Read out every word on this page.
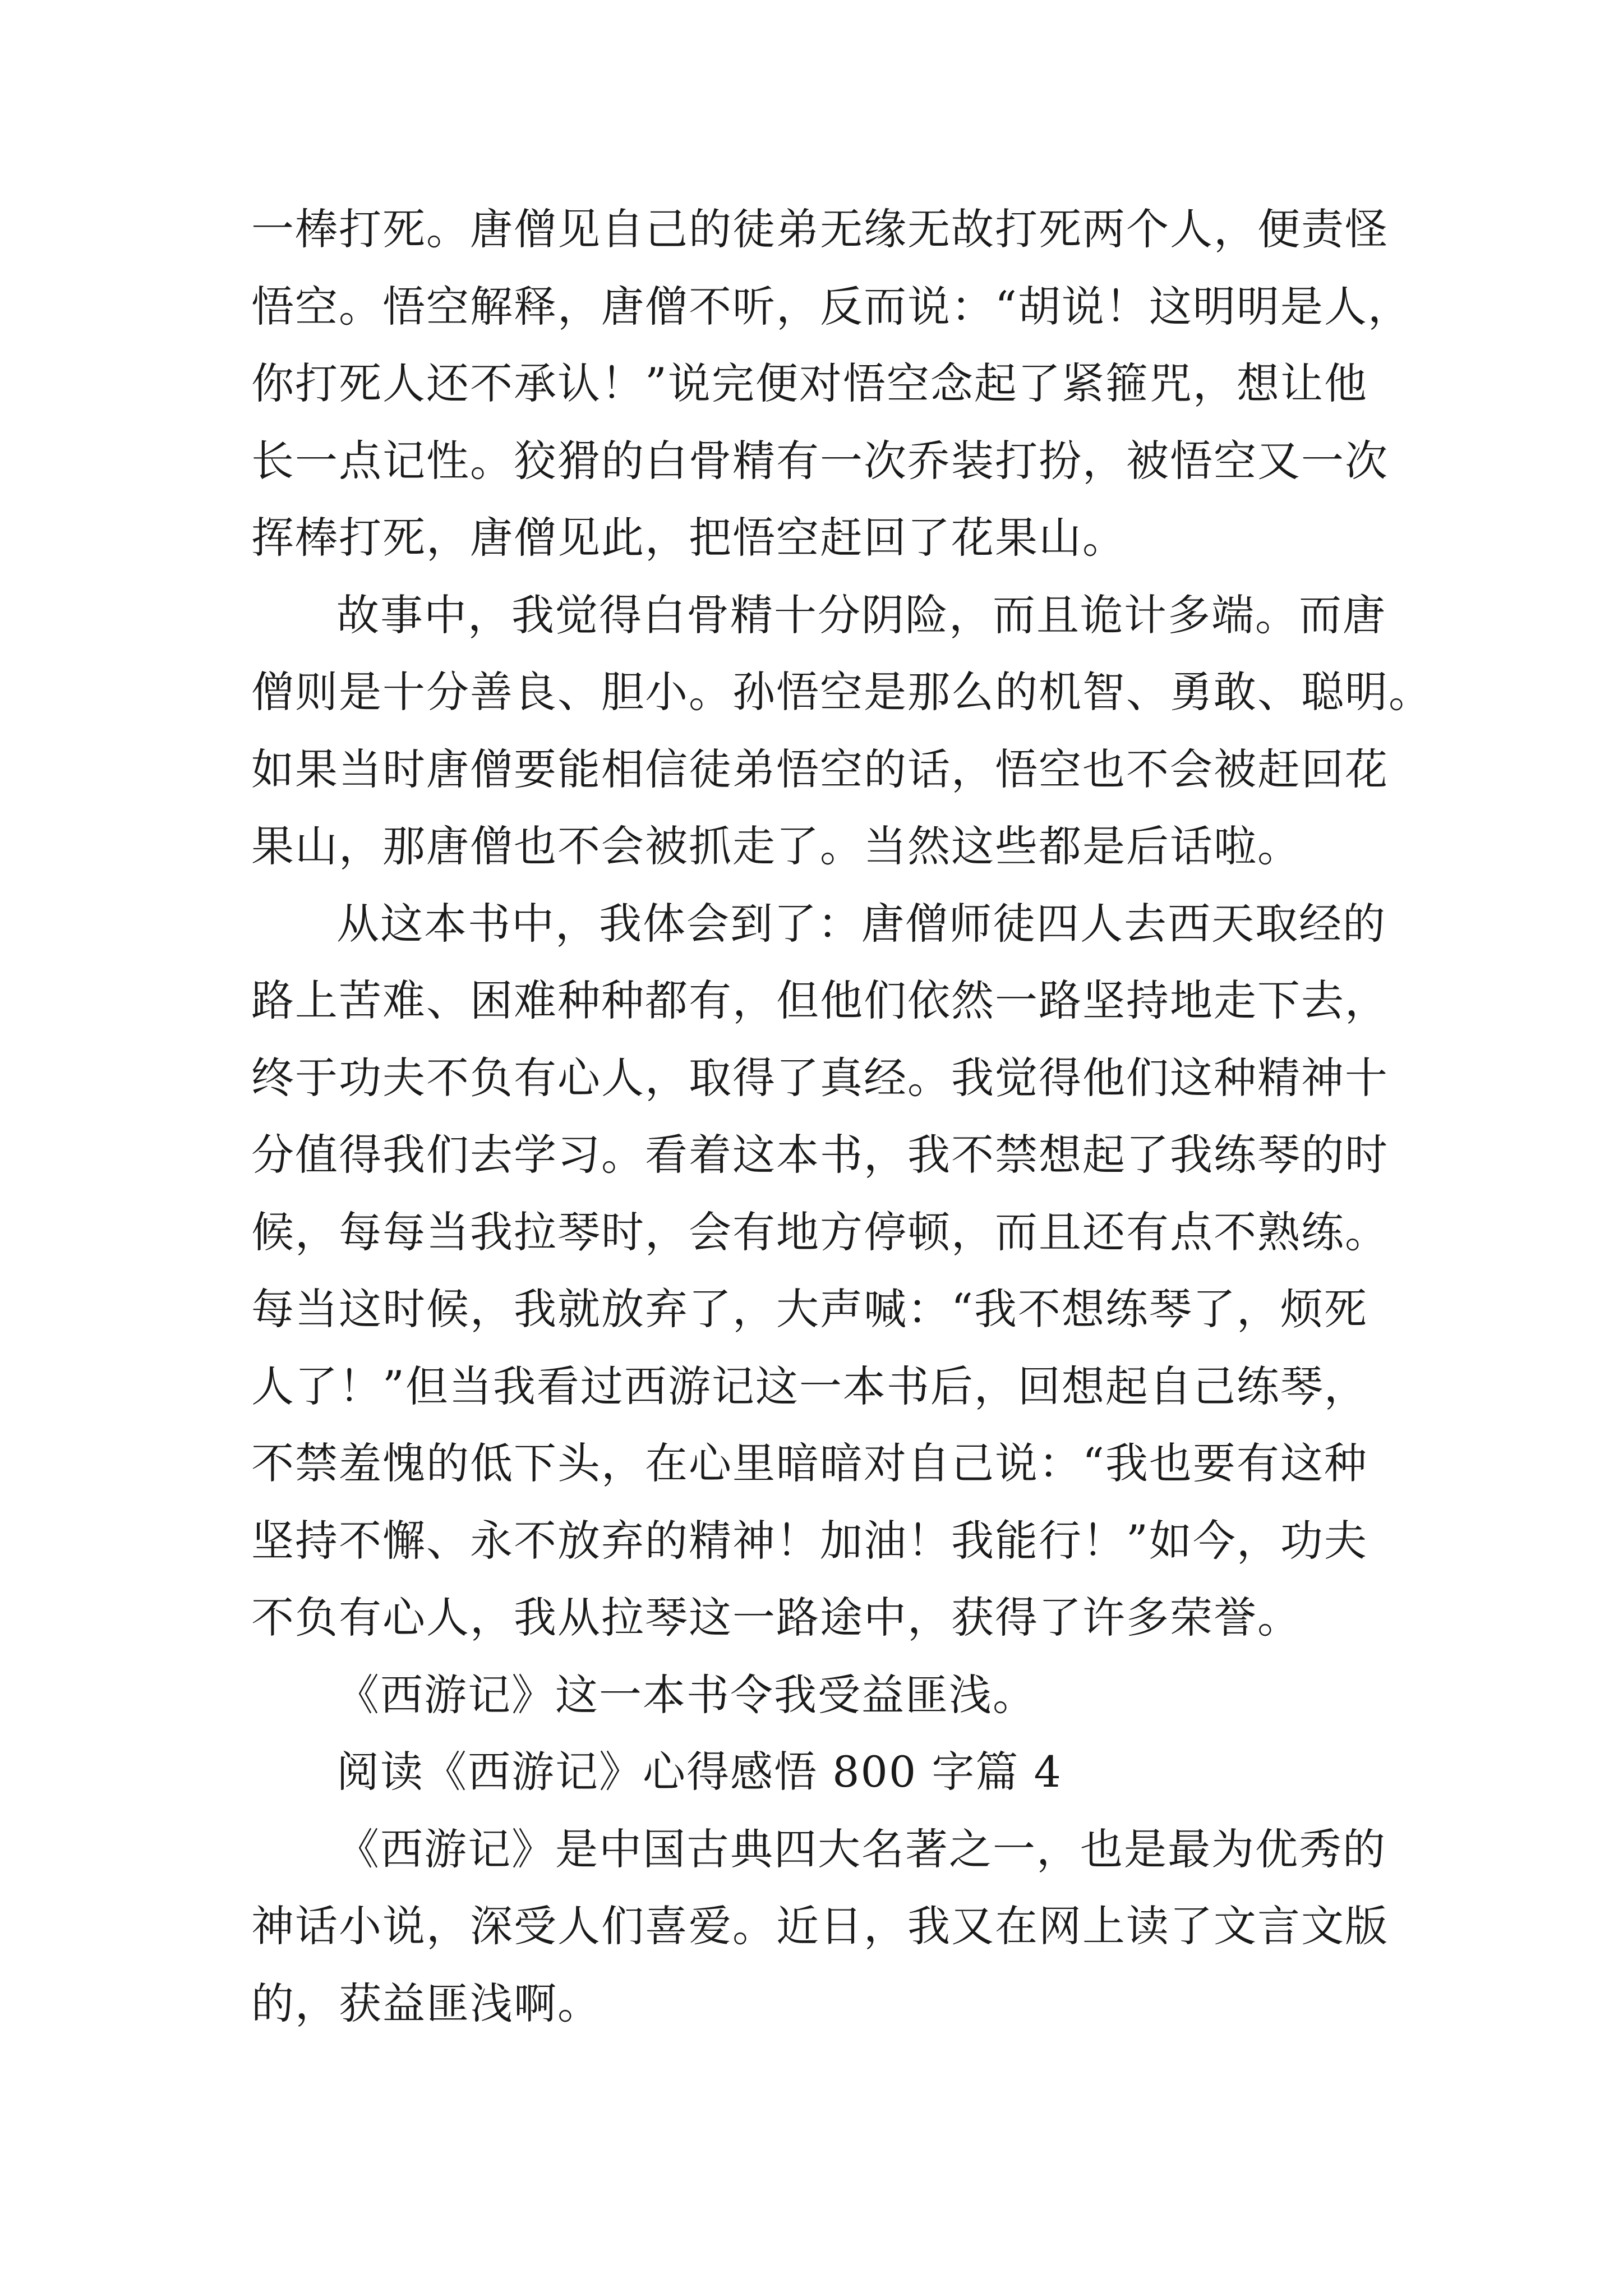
一棒打死。唐僧见自己的徒弟无缘无故打死两个人，便责怪
悟空。悟空解释，唐僧不听，反而说：“胡说！这明明是人，
你打死人还不承认！”说完便对悟空念起了紧箍咒，想让他
长一点记性。狡猾的白骨精有一次乔装打扮，被悟空又一次
挥棒打死，唐僧见此，把悟空赶回了花果山。
故事中，我觉得白骨精十分阴险，而且诡计多端。而唐
僧则是十分善良、胆小。孙悟空是那么的机智、勇敢、聪明。
如果当时唐僧要能相信徒弟悟空的话，悟空也不会被赶回花
果山，那唐僧也不会被抓走了。当然这些都是后话啦。
从这本书中，我体会到了：唐僧师徒四人去西天取经的
路上苦难、困难种种都有，但他们依然一路坚持地走下去，
终于功夫不负有心人，取得了真经。我觉得他们这种精神十
分值得我们去学习。看着这本书，我不禁想起了我练琴的时
候，每每当我拉琴时，会有地方停顿，而且还有点不熟练。
每当这时候，我就放弃了，大声喊：“我不想练琴了，烦死
人了！”但当我看过西游记这一本书后，回想起自己练琴，
不禁羞愧的低下头，在心里暗暗对自己说：“我也要有这种
坚持不懈、永不放弃的精神！加油！我能行！”如今，功夫
不负有心人，我从拉琴这一路途中，获得了许多荣誉。
《西游记》这一本书令我受益匪浅。
阅读《西游记》心得感悟 800 字篇 4
《西游记》是中国古典四大名著之一，也是最为优秀的
神话小说，深受人们喜爱。近日，我又在网上读了文言文版
的，获益匪浅啊。
